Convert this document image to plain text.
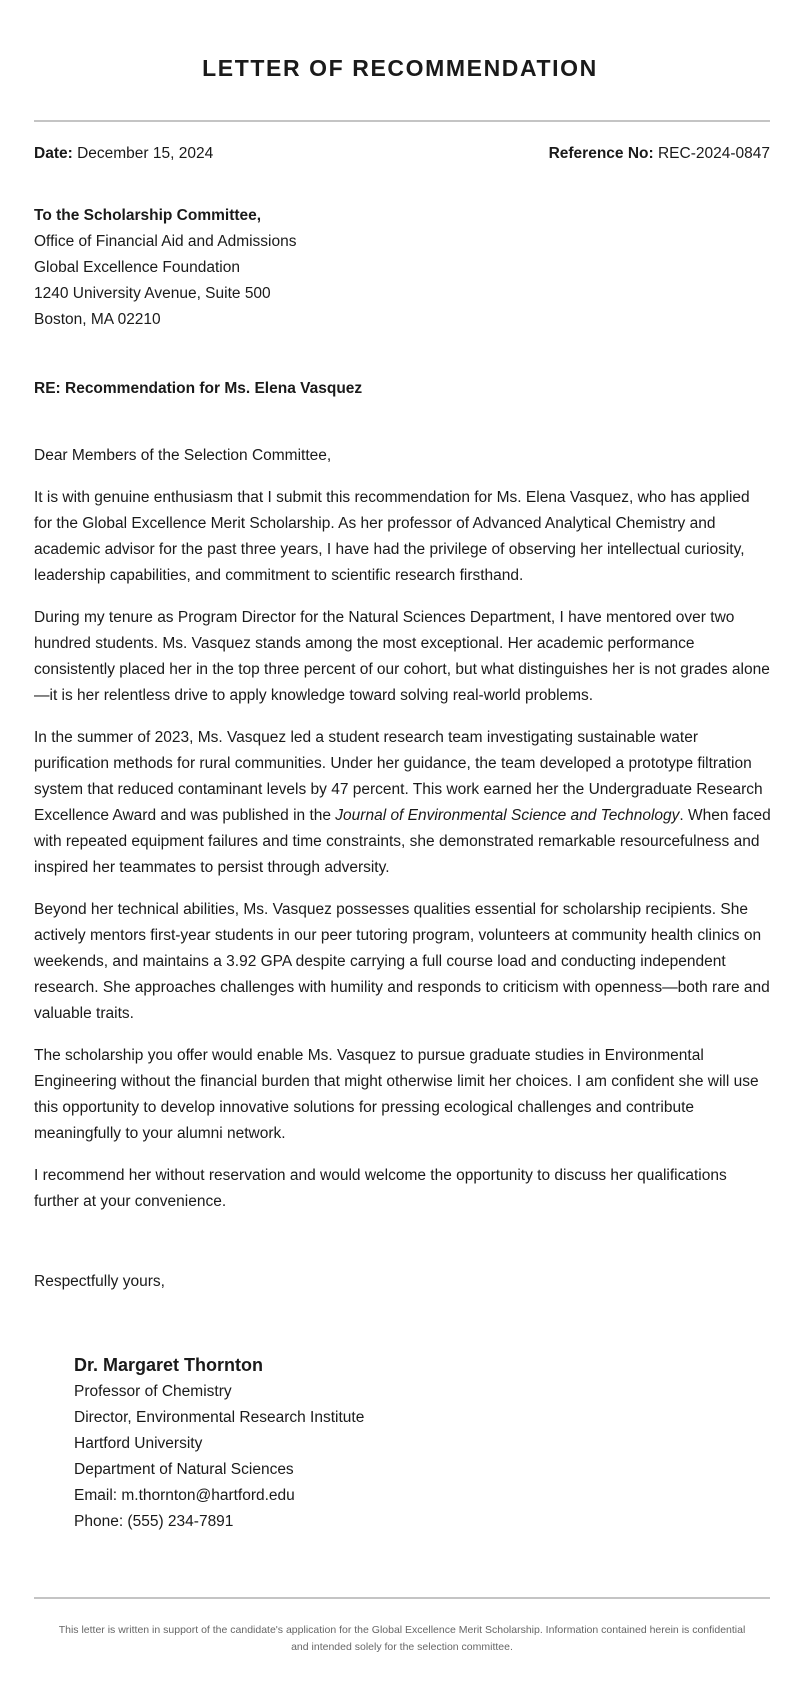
LETTER OF RECOMMENDATION
Date: December 15, 2024	Reference No: REC-2024-0847
To the Scholarship Committee,
Office of Financial Aid and Admissions
Global Excellence Foundation
1240 University Avenue, Suite 500
Boston, MA 02210
RE: Recommendation for Ms. Elena Vasquez

Dear Members of the Selection Committee,

It is with genuine enthusiasm that I submit this recommendation for Ms. Elena Vasquez, who has applied for the Global Excellence Merit Scholarship. As her professor of Advanced Analytical Chemistry and academic advisor for the past three years, I have had the privilege of observing her intellectual curiosity, leadership capabilities, and commitment to scientific research firsthand.

During my tenure as Program Director for the Natural Sciences Department, I have mentored over two hundred students. Ms. Vasquez stands among the most exceptional. Her academic performance consistently placed her in the top three percent of our cohort, but what distinguishes her is not grades alone—it is her relentless drive to apply knowledge toward solving real-world problems.

In the summer of 2023, Ms. Vasquez led a student research team investigating sustainable water purification methods for rural communities. Under her guidance, the team developed a prototype filtration system that reduced contaminant levels by 47 percent. This work earned her the Undergraduate Research Excellence Award and was published in the Journal of Environmental Science and Technology. When faced with repeated equipment failures and time constraints, she demonstrated remarkable resourcefulness and inspired her teammates to persist through adversity.

Beyond her technical abilities, Ms. Vasquez possesses qualities essential for scholarship recipients. She actively mentors first-year students in our peer tutoring program, volunteers at community health clinics on weekends, and maintains a 3.92 GPA despite carrying a full course load and conducting independent research. She approaches challenges with humility and responds to criticism with openness—both rare and valuable traits.

The scholarship you offer would enable Ms. Vasquez to pursue graduate studies in Environmental Engineering without the financial burden that might otherwise limit her choices. I am confident she will use this opportunity to develop innovative solutions for pressing ecological challenges and contribute meaningfully to your alumni network.

I recommend her without reservation and would welcome the opportunity to discuss her qualifications further at your convenience.

Respectfully yours,
Dr. Margaret Thornton
Professor of Chemistry
Director, Environmental Research Institute
Hartford University
Department of Natural Sciences
Email: m.thornton@hartford.edu
Phone: (555) 234-7891
This letter is written in support of the candidate's application for the Global Excellence Merit Scholarship. Information contained herein is confidential
and intended solely for the selection committee.
